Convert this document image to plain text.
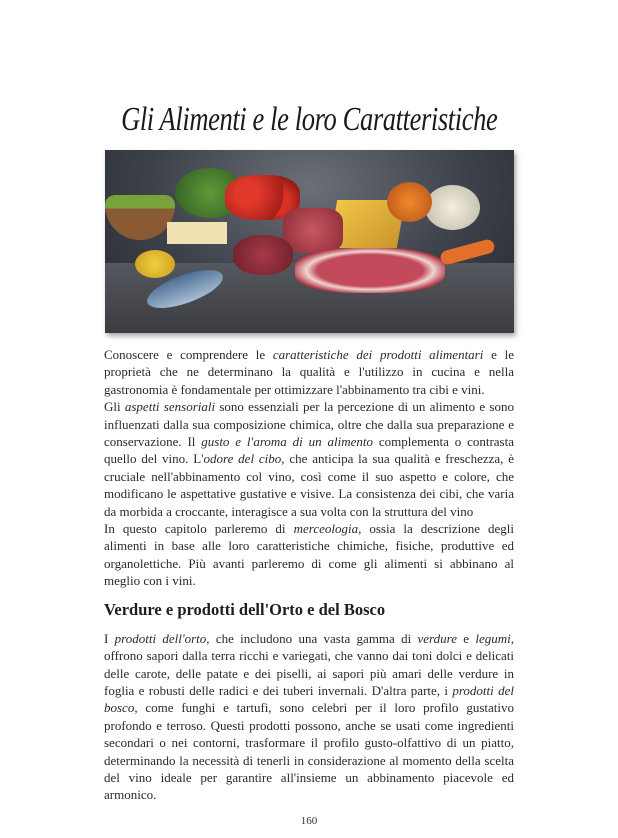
Gli Alimenti e le loro Caratteristiche

Conoscere e comprendere le caratteristiche dei prodotti alimentari e le proprietà che ne determinano la qualità e l'utilizzo in cucina e nella gastronomia è fondamentale per ottimizzare l'abbinamento tra cibi e vini.

Gli aspetti sensoriali sono essenziali per la percezione di un alimento e sono influenzati dalla sua composizione chimica, oltre che dalla sua preparazione e conservazione. Il gusto e l'aroma di un alimento complementa o contrasta quello del vino. L'odore del cibo, che anticipa la sua qualità e freschezza, è cruciale nell'abbinamento col vino, così come il suo aspetto e colore, che modificano le aspettative gustative e visive. La consistenza dei cibi, che varia da morbida a croccante, interagisce a sua volta con la struttura del vino

In questo capitolo parleremo di merceologia, ossia la descrizione degli alimenti in base alle loro caratteristiche chimiche, fisiche, produttive ed organolettiche. Più avanti parleremo di come gli alimenti si abbinano al meglio con i vini.

Verdure e prodotti dell'Orto e del Bosco

I prodotti dell'orto, che includono una vasta gamma di verdure e legumi, offrono sapori dalla terra ricchi e variegati, che vanno dai toni dolci e delicati delle carote, delle patate e dei piselli, ai sapori più amari delle verdure in foglia e robusti delle radici e dei tuberi invernali. D'altra parte, i prodotti del bosco, come funghi e tartufi, sono celebri per il loro profilo gustativo profondo e terroso. Questi prodotti possono, anche se usati come ingredienti secondari o nei contorni, trasformare il profilo gusto-olfattivo di un piatto, determinando la necessità di tenerli in considerazione al momento della scelta del vino ideale per garantire all'insieme un abbinamento piacevole ed armonico.

160
